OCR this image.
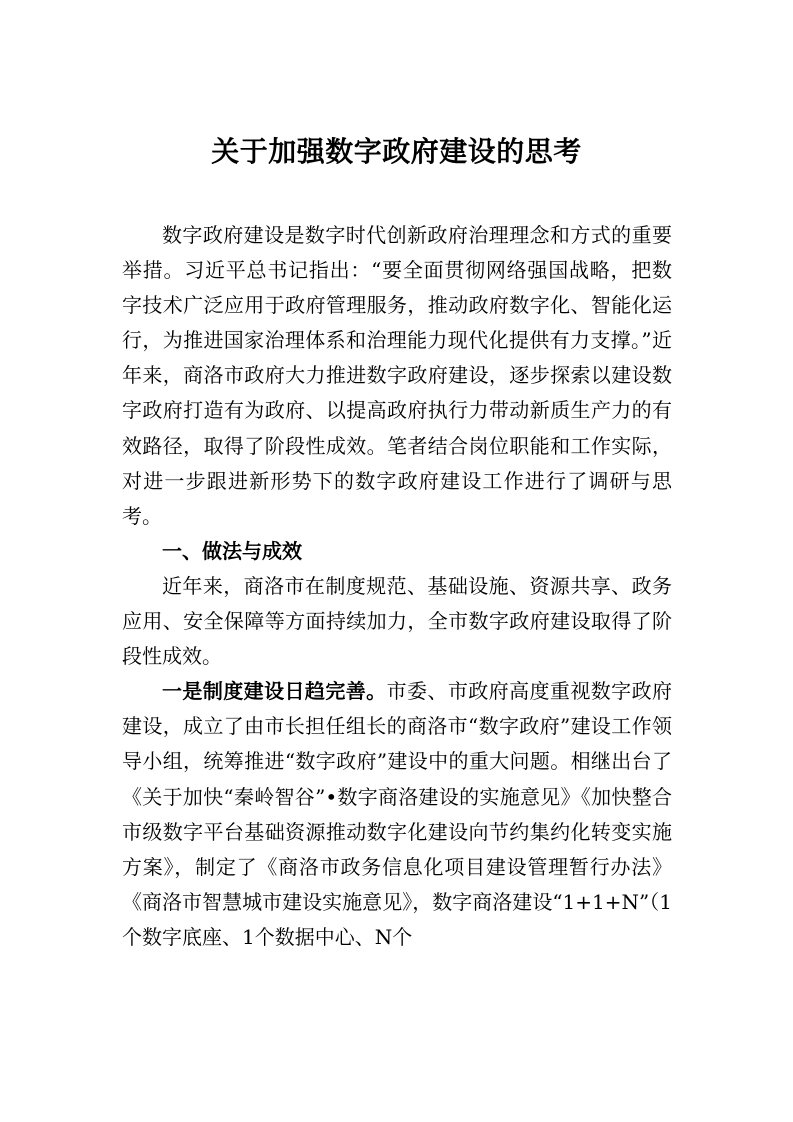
关于加强数字政府建设的思考

数字政府建设是数字时代创新政府治理理念和方式的重要举措。习近平总书记指出：“要全面贯彻网络强国战略，把数字技术广泛应用于政府管理服务，推动政府数字化、智能化运行，为推进国家治理体系和治理能力现代化提供有力支撑。”近年来，商洛市政府大力推进数字政府建设，逐步探索以建设数字政府打造有为政府、以提高政府执行力带动新质生产力的有效路径，取得了阶段性成效。笔者结合岗位职能和工作实际，对进一步跟进新形势下的数字政府建设工作进行了调研与思考。

一、做法与成效

近年来，商洛市在制度规范、基础设施、资源共享、政务应用、安全保障等方面持续加力，全市数字政府建设取得了阶段性成效。

一是制度建设日趋完善。市委、市政府高度重视数字政府建设，成立了由市长担任组长的商洛市“数字政府”建设工作领导小组，统筹推进“数字政府”建设中的重大问题。相继出台了《关于加快“秦岭智谷”•数字商洛建设的实施意见》《加快整合市级数字平台基础资源推动数字化建设向节约集约化转变实施方案》，制定了《商洛市政务信息化项目建设管理暂行办法》《商洛市智慧城市建设实施意见》，数字商洛建设“1+1+N”（1个数字底座、1个数据中心、N个
